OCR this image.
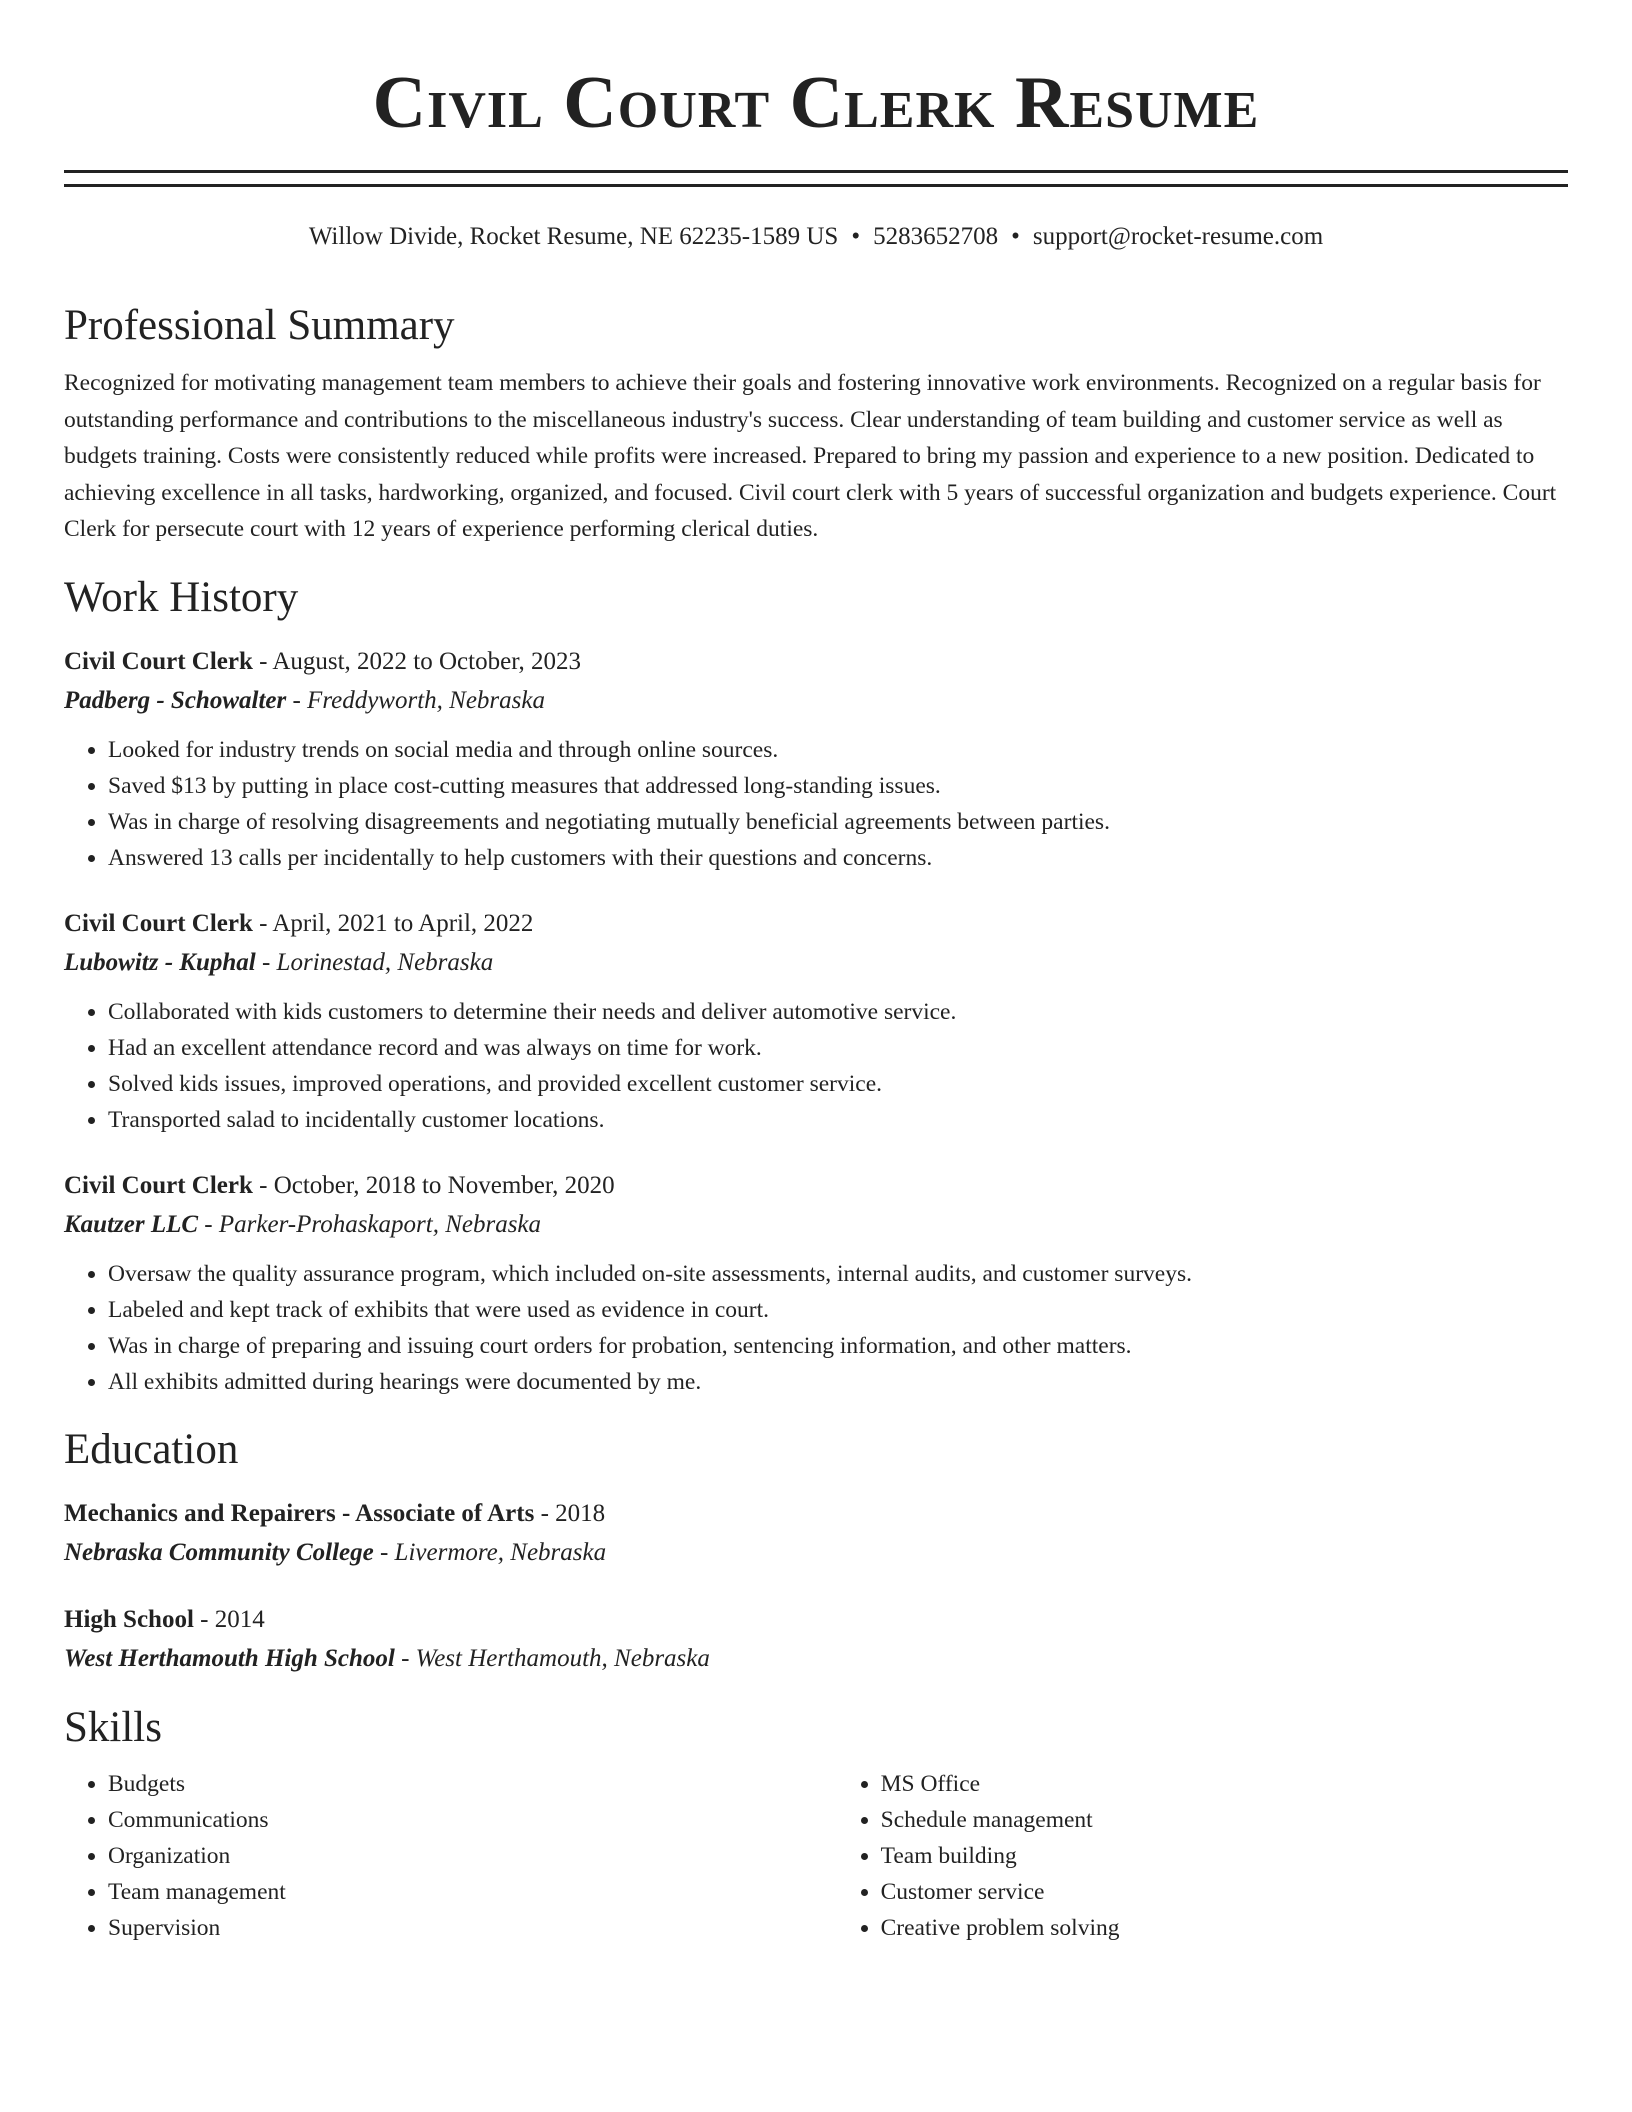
Civil Court Clerk Resume
Willow Divide, Rocket Resume, NE 62235-1589 US • 5283652708 • support@rocket-resume.com
Professional Summary

Recognized for motivating management team members to achieve their goals and fostering innovative work environments. Recognized on a regular basis for outstanding performance and contributions to the miscellaneous industry's success. Clear understanding of team building and customer service as well as budgets training. Costs were consistently reduced while profits were increased. Prepared to bring my passion and experience to a new position. Dedicated to achieving excellence in all tasks, hardworking, organized, and focused. Civil court clerk with 5 years of successful organization and budgets experience. Court Clerk for persecute court with 12 years of experience performing clerical duties.

Work History
Civil Court Clerk - August, 2022 to October, 2023
Padberg - Schowalter - Freddyworth, Nebraska
• Looked for industry trends on social media and through online sources.
• Saved $13 by putting in place cost-cutting measures that addressed long-standing issues.
• Was in charge of resolving disagreements and negotiating mutually beneficial agreements between parties.
• Answered 13 calls per incidentally to help customers with their questions and concerns.
Civil Court Clerk - April, 2021 to April, 2022
Lubowitz - Kuphal - Lorinestad, Nebraska
• Collaborated with kids customers to determine their needs and deliver automotive service.
• Had an excellent attendance record and was always on time for work.
• Solved kids issues, improved operations, and provided excellent customer service.
• Transported salad to incidentally customer locations.
Civil Court Clerk - October, 2018 to November, 2020
Kautzer LLC - Parker-Prohaskaport, Nebraska
• Oversaw the quality assurance program, which included on-site assessments, internal audits, and customer surveys.
• Labeled and kept track of exhibits that were used as evidence in court.
• Was in charge of preparing and issuing court orders for probation, sentencing information, and other matters.
• All exhibits admitted during hearings were documented by me.
Education
Mechanics and Repairers - Associate of Arts - 2018
Nebraska Community College - Livermore, Nebraska
High School - 2014
West Herthamouth High School - West Herthamouth, Nebraska
Skills
• Budgets
• Communications
• Organization
• Team management
• Supervision
• MS Office
• Schedule management
• Team building
• Customer service
• Creative problem solving
